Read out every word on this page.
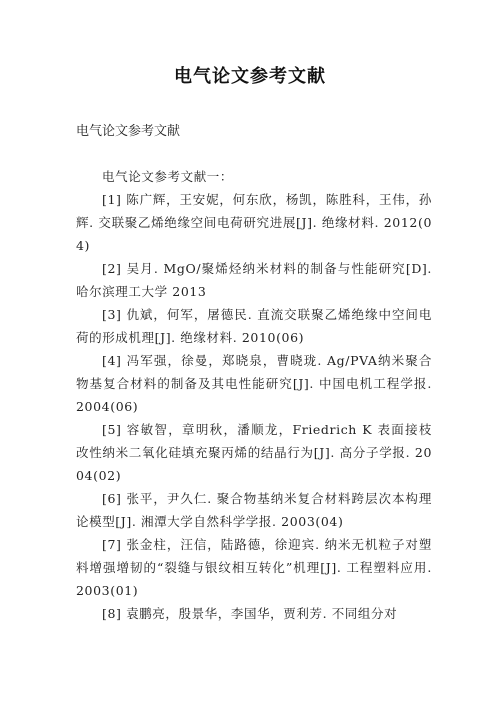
电气论文参考文献
电气论文参考文献

电气论文参考文献一：

[1] 陈广辉，王安妮，何东欣，杨凯，陈胜科，王伟，孙辉. 交联聚乙烯绝缘空间电荷研究进展[J]. 绝缘材料. 2012(04)

[2] 吴月. MgO/聚烯烃纳米材料的制备与性能研究[D]. 哈尔滨理工大学 2013

[3] 仇斌，何军，屠德民. 直流交联聚乙烯绝缘中空间电荷的形成机理[J]. 绝缘材料. 2010(06)

[4] 冯军强，徐曼，郑晓泉，曹晓珑. Ag/PVA纳米聚合物基复合材料的制备及其电性能研究[J]. 中国电机工程学报. 2004(06)

[5] 容敏智，章明秋，潘顺龙，Friedrich K 表面接枝改性纳米二氧化硅填充聚丙烯的结晶行为[J]. 高分子学报. 2004(02)

[6] 张平，尹久仁. 聚合物基纳米复合材料跨层次本构理论模型[J]. 湘潭大学自然科学学报. 2003(04)

[7] 张金柱，汪信，陆路德，徐迎宾. 纳米无机粒子对塑料增强增韧的“裂缝与银纹相互转化”机理[J]. 工程塑料应用. 2003(01)

[8] 袁鹏亮，殷景华，李国华，贾利芳. 不同组分对
